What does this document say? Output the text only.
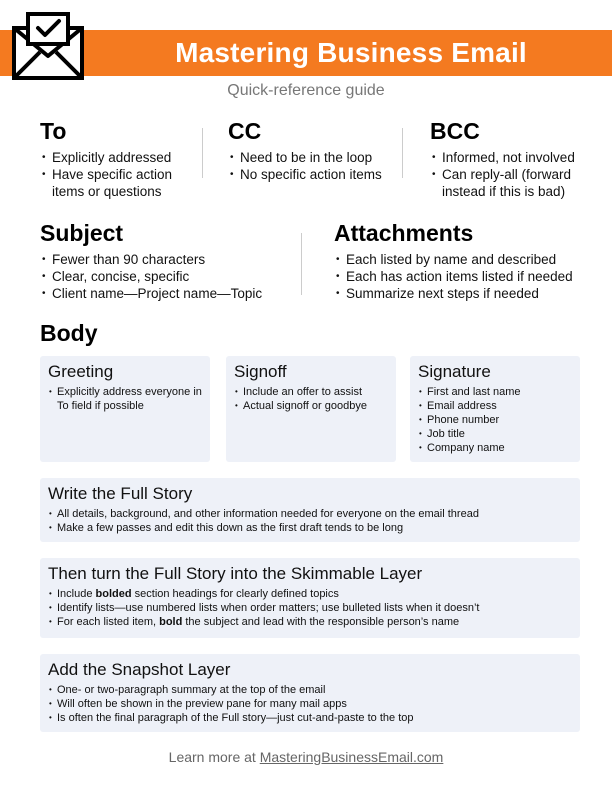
Mastering Business Email
Quick-reference guide
To
• Explicitly addressed
• Have specific action items or questions
CC
• Need to be in the loop
• No specific action items
BCC
• Informed, not involved
• Can reply-all (forward instead if this is bad)
Subject
• Fewer than 90 characters
• Clear, concise, specific
• Client name—Project name—Topic
Attachments
• Each listed by name and described
• Each has action items listed if needed
• Summarize next steps if needed
Body
Greeting
• Explicitly address everyone in To field if possible
Signoff
• Include an offer to assist
• Actual signoff or goodbye
Signature
• First and last name
• Email address
• Phone number
• Job title
• Company name
Write the Full Story
• All details, background, and other information needed for everyone on the email thread
• Make a few passes and edit this down as the first draft tends to be long
Then turn the Full Story into the Skimmable Layer
• Include bolded section headings for clearly defined topics
• Identify lists—use numbered lists when order matters; use bulleted lists when it doesn’t
• For each listed item, bold the subject and lead with the responsible person’s name
Add the Snapshot Layer
• One- or two-paragraph summary at the top of the email
• Will often be shown in the preview pane for many mail apps
• Is often the final paragraph of the Full story—just cut-and-paste to the top
Learn more at MasteringBusinessEmail.com
